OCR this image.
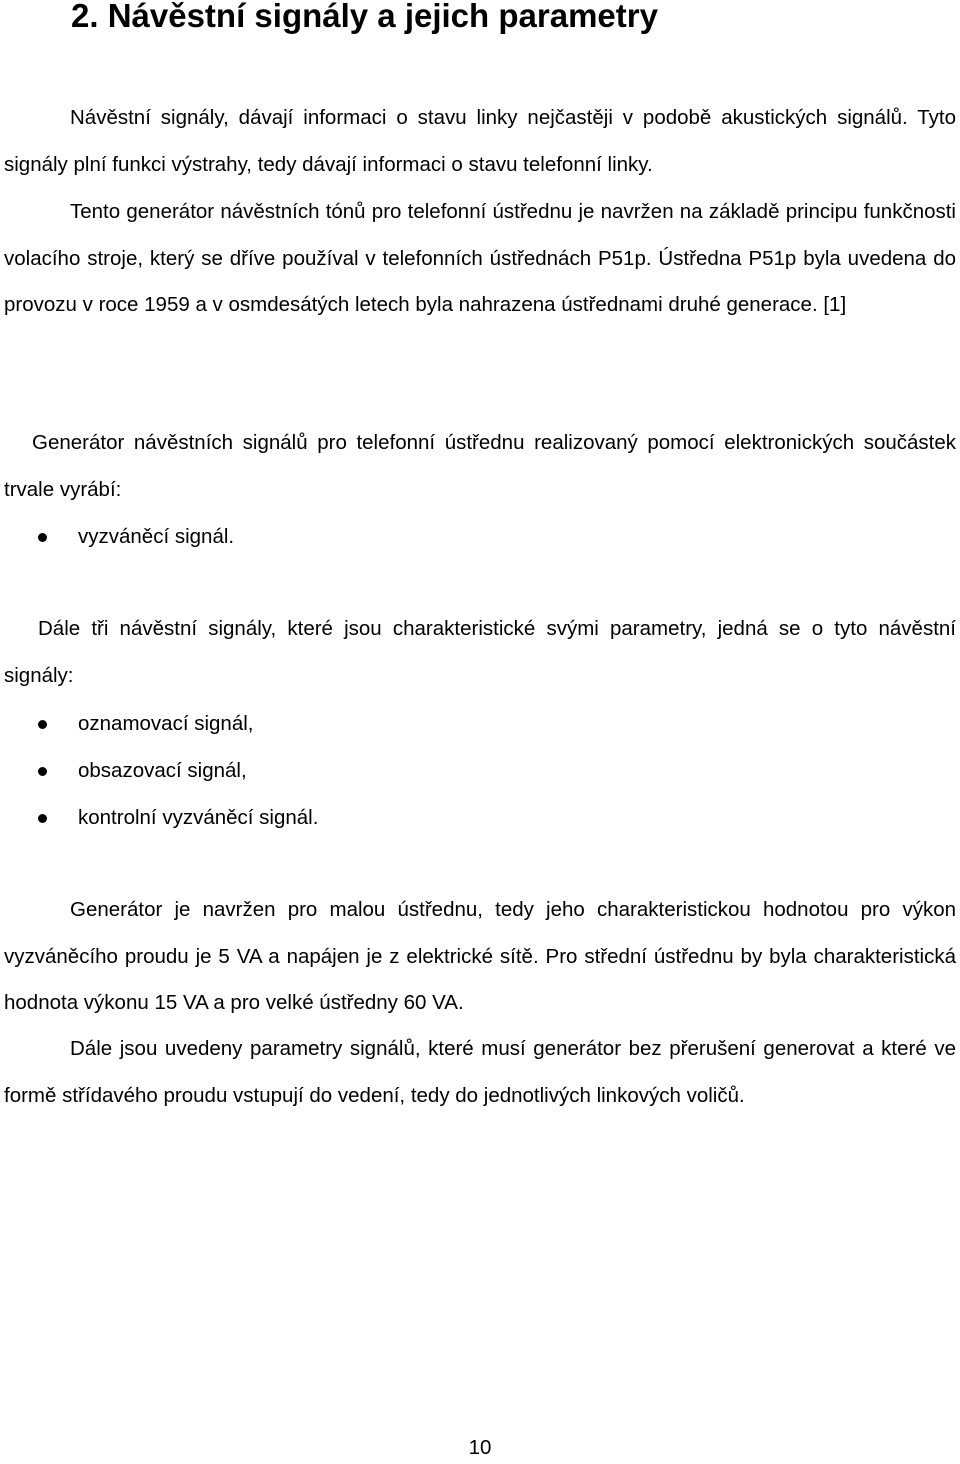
2. Návěstní signály a jejich parametry

Návěstní signály, dávají informaci o stavu linky nejčastěji v podobě akustických signálů. Tyto signály plní funkci výstrahy, tedy dávají informaci o stavu telefonní linky.

Tento generátor návěstních tónů pro telefonní ústřednu je navržen na základě principu funkčnosti volacího stroje, který se dříve používal v telefonních ústřednách P51p. Ústředna P51p byla uvedena do provozu v roce 1959 a v osmdesátých letech byla nahrazena ústřednami druhé generace. [1]

Generátor návěstních signálů pro telefonní ústřednu realizovaný pomocí elektronických součástek trvale vyrábí:

vyzváněcí signál.

Dále tři návěstní signály, které jsou charakteristické svými parametry, jedná se o tyto návěstní signály:

oznamovací signál,
obsazovací signál,
kontrolní vyzváněcí signál.

Generátor je navržen pro malou ústřednu, tedy jeho charakteristickou hodnotou pro výkon vyzváněcího proudu je 5 VA a napájen je z elektrické sítě. Pro střední ústřednu by byla charakteristická hodnota výkonu 15 VA a pro velké ústředny 60 VA.

Dále jsou uvedeny parametry signálů, které musí generátor bez přerušení generovat a které ve formě střídavého proudu vstupují do vedení, tedy do jednotlivých linkových voličů.

10
